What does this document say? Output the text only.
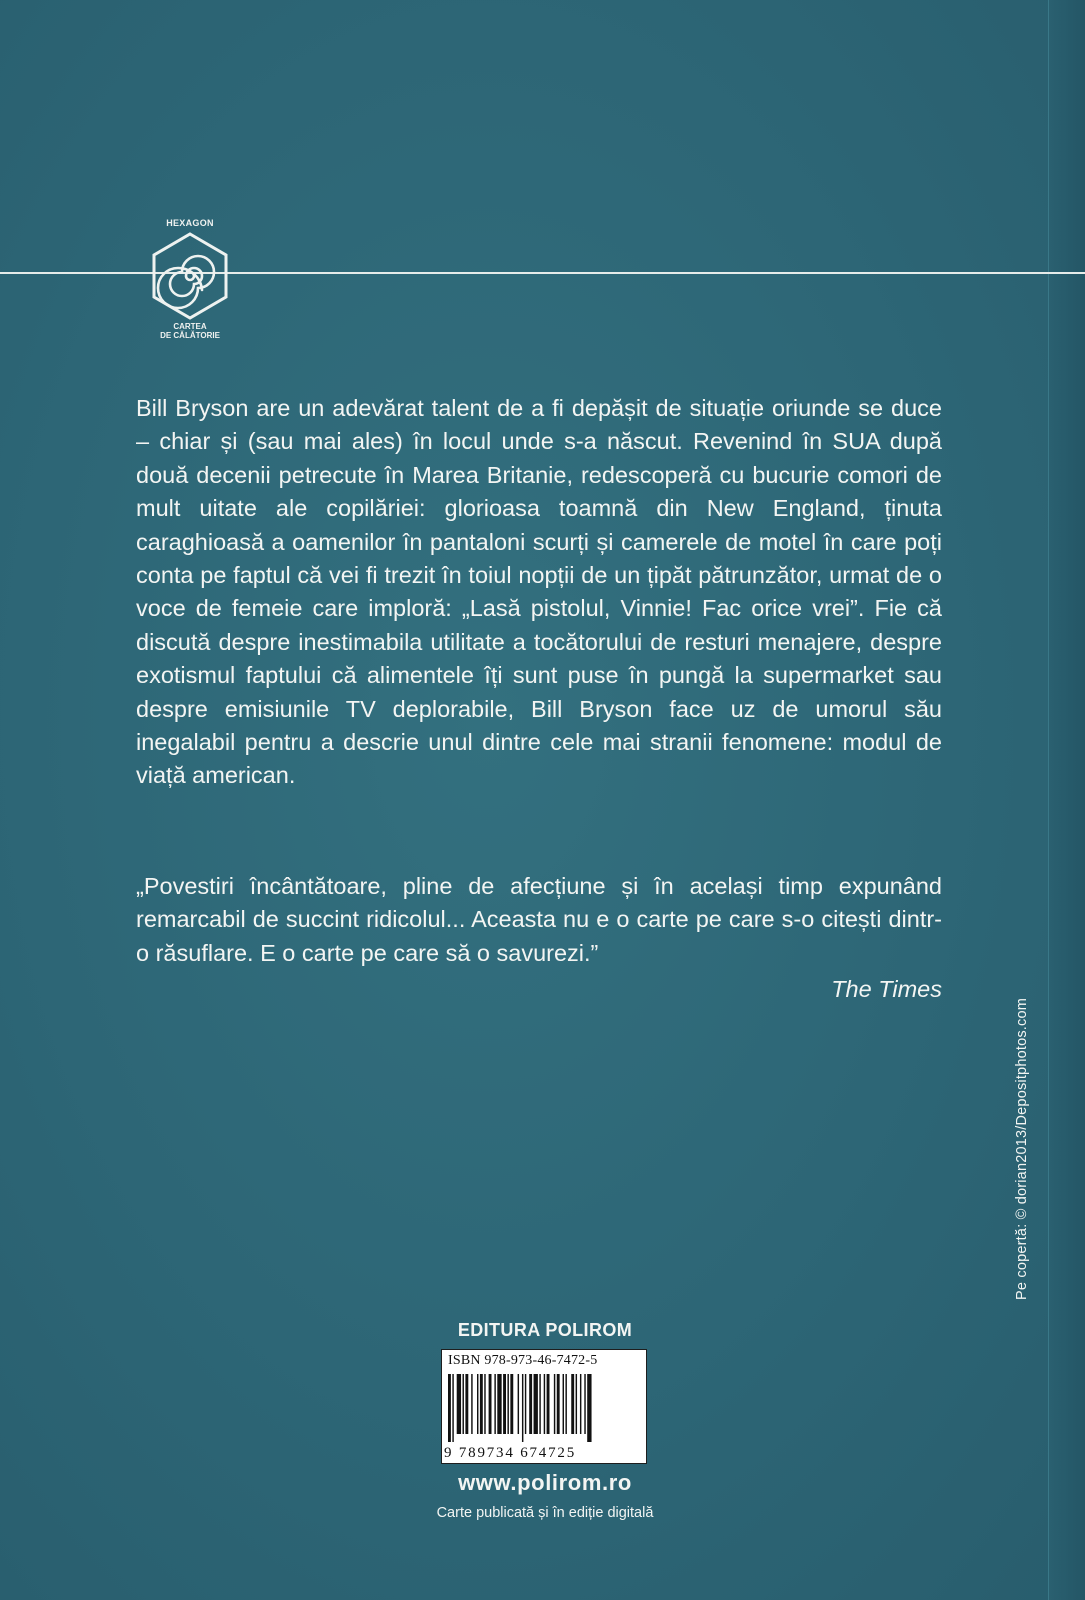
HEXAGON
CARTEA
DE CĂLĂTORIE

Bill Bryson are un adevărat talent de a fi depășit de situație oriunde se duce – chiar și (sau mai ales) în locul unde s-a născut. Revenind în SUA după două decenii petrecute în Marea Britanie, redescoperă cu bucurie comori de mult uitate ale copilăriei: glorioasa toamnă din New England, ținuta caraghioasă a oamenilor în pantaloni scurți și camerele de motel în care poți conta pe faptul că vei fi trezit în toiul nopții de un țipăt pătrunzător, urmat de o voce de femeie care imploră: „Lasă pistolul, Vinnie! Fac orice vrei”. Fie că discută despre inestimabila utilitate a tocătorului de resturi menajere, despre exotismul faptului că alimentele îți sunt puse în pungă la supermarket sau despre emisiunile TV deplorabile, Bill Bryson face uz de umorul său inegalabil pentru a descrie unul dintre cele mai stranii fenomene: modul de viață american.

„Povestiri încântătoare, pline de afecțiune și în același timp expunând remarcabil de succint ridicolul... Aceasta nu e o carte pe care s-o citești dintr-o răsuflare. E o carte pe care să o savurezi.”

The Times
EDITURA POLIROM
ISBN 978-973-46-7472-5
9 789734 674725
www.polirom.ro
Carte publicată și în ediție digitală
Pe copertă: © dorian2013/Depositphotos.com
